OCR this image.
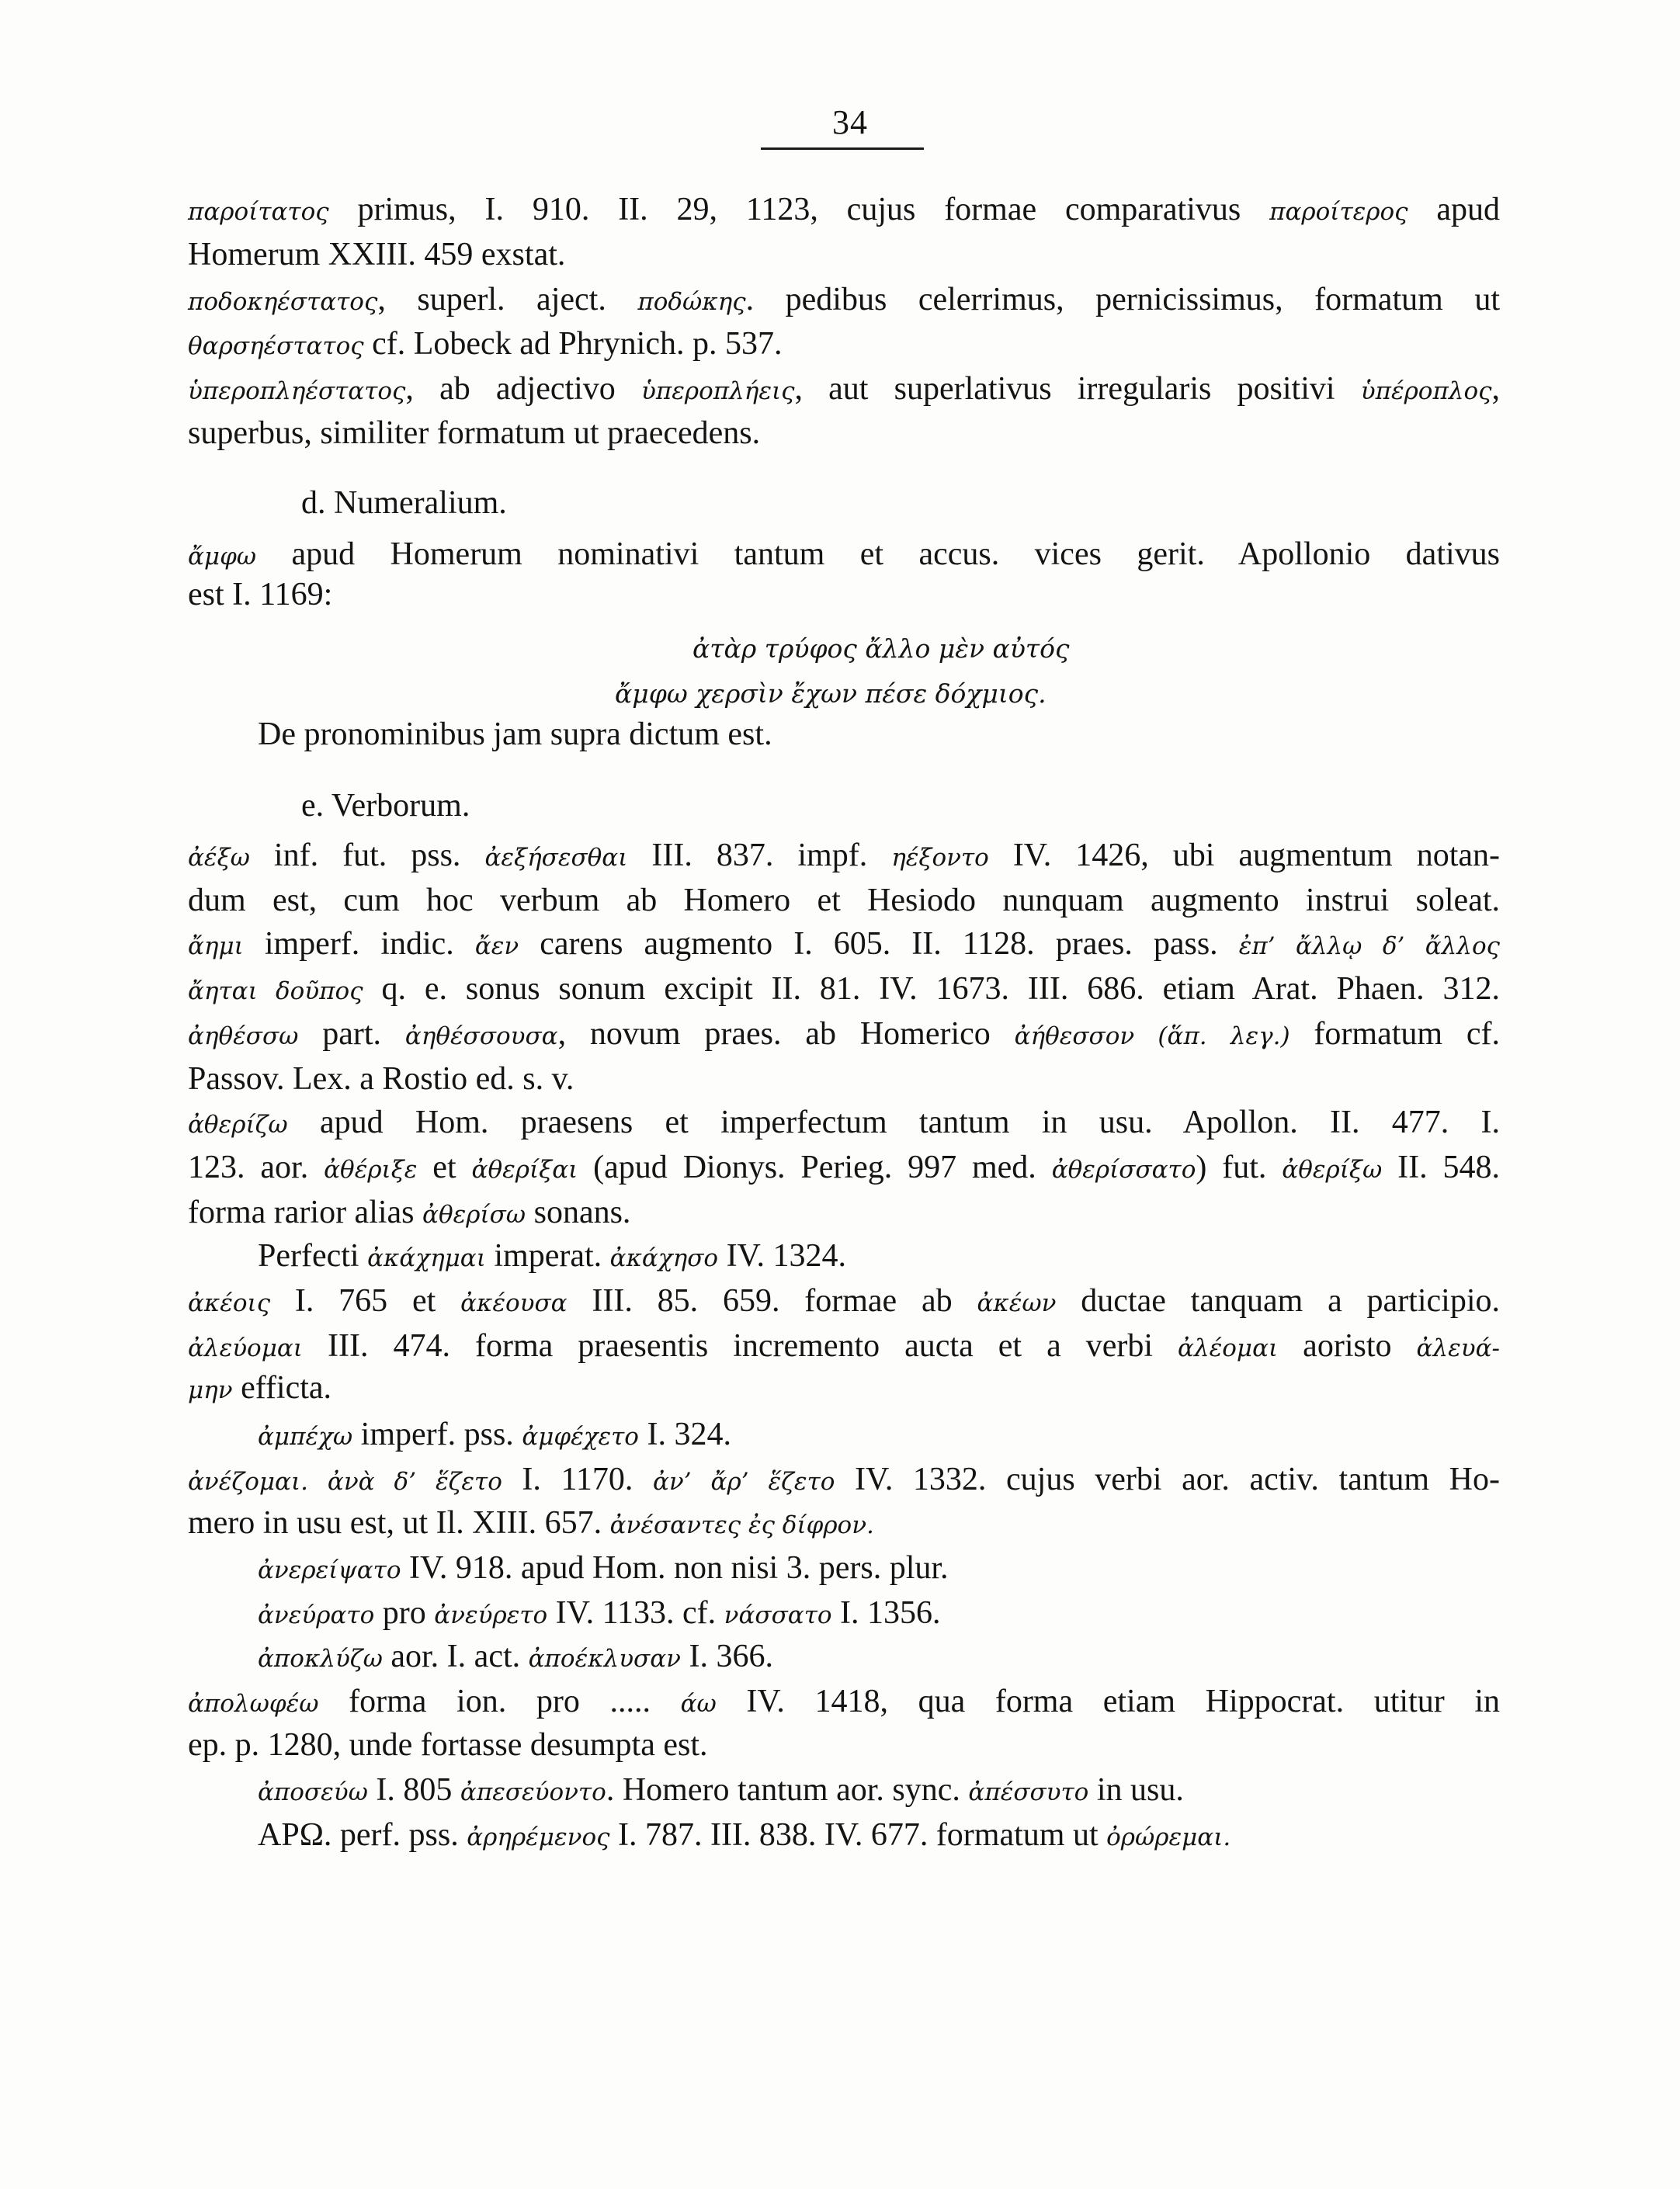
34
παροίτατος primus, I. 910. II. 29, 1123, cujus formae comparativus παροίτερος apud
Homerum XXIII. 459 exstat.
ποδοκηέστατος, superl. aject. ποδώκης. pedibus celerrimus, pernicissimus, formatum ut
θαρσηέστατος cf. Lobeck ad Phrynich. p. 537.
ὑπεροπληέστατος, ab adjectivo ὑπεροπλήεις, aut superlativus irregularis positivi ὑπέροπλος,
superbus, similiter formatum ut praecedens.
d. Numeralium.
ἄμφω apud Homerum nominativi tantum et accus. vices gerit. Apollonio dativus
est I. 1169:
ἀτὰρ τρύφος ἄλλο μὲν αὐτός
ἄμφω χερσὶν ἔχων πέσε δόχμιος.
De pronominibus jam supra dictum est.
e. Verborum.
ἀέξω inf. fut. pss. ἀεξήσεσθαι III. 837. impf. ηέξοντο IV. 1426, ubi augmentum notan-
dum est, cum hoc verbum ab Homero et Hesiodo nunquam augmento instrui soleat.
ἄημι imperf. indic. ἄεν carens augmento I. 605. II. 1128. praes. pass. ἐπ’ ἄλλῳ δ’ ἄλλος
ἄηται δοῦπος q. e. sonus sonum excipit II. 81. IV. 1673. III. 686. etiam Arat. Phaen. 312.
ἀηθέσσω part. ἀηθέσσουσα, novum praes. ab Homerico ἀήθεσσον (ἅπ. λεγ.) formatum cf.
Passov. Lex. a Rostio ed. s. v.
ἀθερίζω apud Hom. praesens et imperfectum tantum in usu. Apollon. II. 477. I.
123. aor. ἀθέριξε et ἀθερίξαι (apud Dionys. Perieg. 997 med. ἀθερίσσατο) fut. ἀθερίξω II. 548.
forma rarior alias ἀθερίσω sonans.
Perfecti ἀκάχημαι imperat. ἀκάχησο IV. 1324.
ἀκέοις I. 765 et ἀκέουσα III. 85. 659. formae ab ἀκέων ductae tanquam a participio.
ἀλεύομαι III. 474. forma praesentis incremento aucta et a verbi ἀλέομαι aoristo ἀλευά-
μην efficta.
ἀμπέχω imperf. pss. ἀμφέχετο I. 324.
ἀνέζομαι. ἀνὰ δ’ ἕζετο I. 1170. ἀν’ ἄρ’ ἕζετο IV. 1332. cujus verbi aor. activ. tantum Ho-
mero in usu est, ut Il. XIII. 657. ἀνέσαντες ἐς δίφρον.
ἀνερείψατο IV. 918. apud Hom. non nisi 3. pers. plur.
ἀνεύρατο pro ἀνεύρετο IV. 1133. cf. νάσσατο I. 1356.
ἀποκλύζω aor. I. act. ἀποέκλυσαν I. 366.
ἀπολωφέω forma ion. pro ..... άω IV. 1418, qua forma etiam Hippocrat. utitur in
ep. p. 1280, unde fortasse desumpta est.
ἀποσεύω I. 805 ἀπεσεύοντο. Homero tantum aor. sync. ἀπέσσυτο in usu.
ΑΡΩ. perf. pss. ἀρηρέμενος I. 787. III. 838. IV. 677. formatum ut ὀρώρεμαι.
